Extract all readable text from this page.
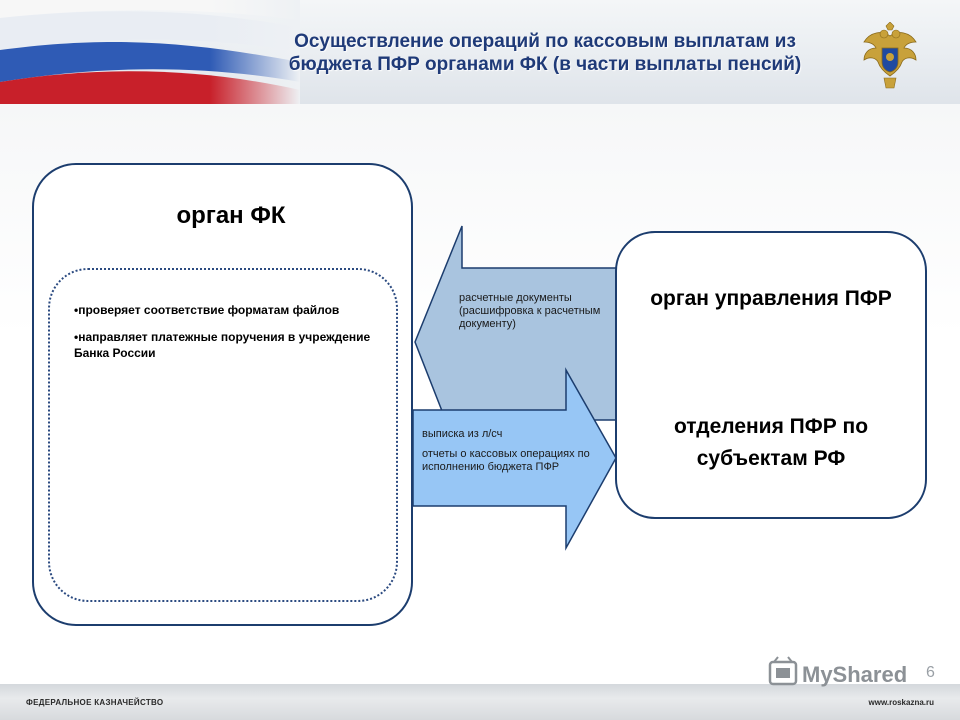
Осуществление операций по кассовым выплатам из
бюджета ПФР органами ФК (в части выплаты пенсий)
орган ФК
• проверяет соответствие форматам файлов
• направляет платежные поручения в учреждение Банка России
орган управления ПФР
отделения ПФР по субъектам РФ
расчетные документы (расшифровка к расчетным документу)
выписка из л/сч
отчеты о кассовых операциях по исполнению бюджета ПФР
ФЕДЕРАЛЬНОЕ КАЗНАЧЕЙСТВО	www.roskazna.ru
MyShared 6
